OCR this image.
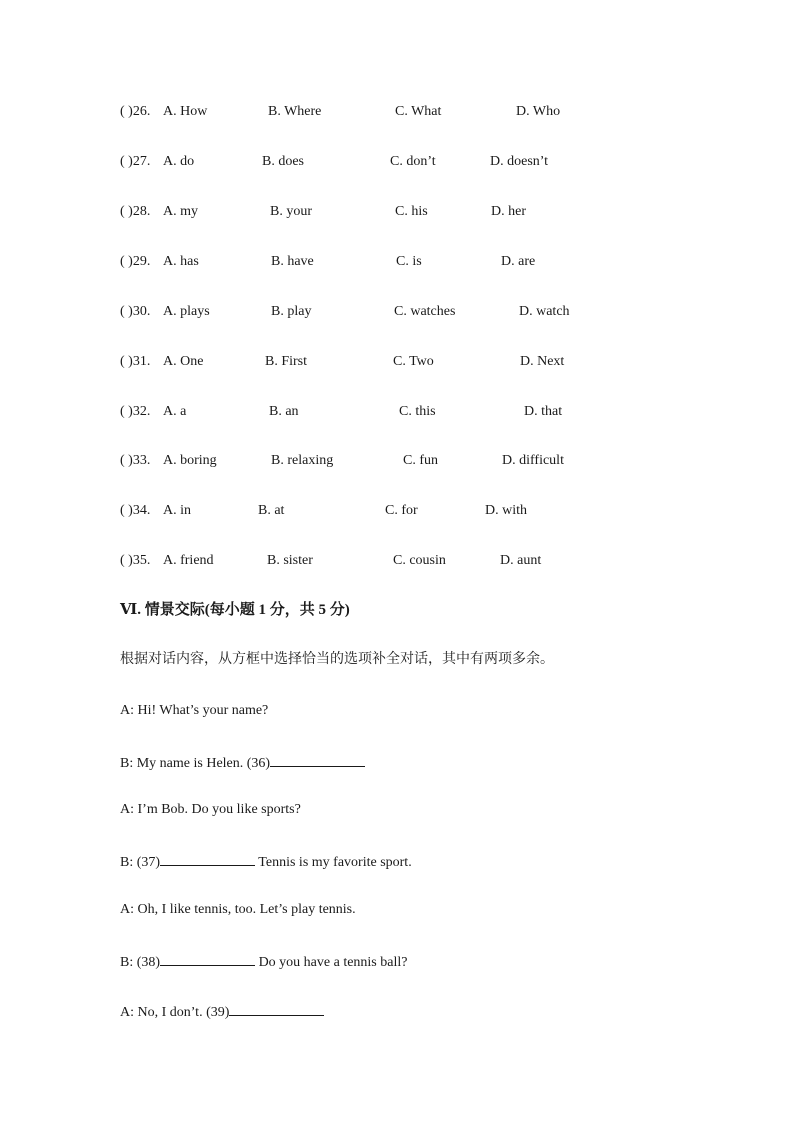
( )26. A. How	B. Where	C. What	D. Who
( )27. A. do	B. does	C. don’t	D. doesn’t
( )28. A. my	B. your	C. his	D. her
( )29. A. has	B. have	C. is	D. are
( )30. A. plays	B. play	C. watches	D. watch
( )31. A. One	B. First	C. Two	D. Next
( )32. A. a	B. an	C. this	D. that
( )33. A. boring	B. relaxing	C. fun	D. difficult
( )34. A. in	B. at	C. for	D. with
( )35. A. friend	B. sister	C. cousin	D. aunt
Ⅵ. 情景交际(每小题 1 分，共 5 分)
根据对话内容，从方框中选择恰当的选项补全对话，其中有两项多余。
A: Hi! What’s your name?
B: My name is Helen. (36)
A: I’m Bob. Do you like sports?
B: (37)	Tennis is my favorite sport.
A: Oh, I like tennis, too. Let’s play tennis.
B: (38)	Do you have a tennis ball?
A: No, I don’t. (39)
